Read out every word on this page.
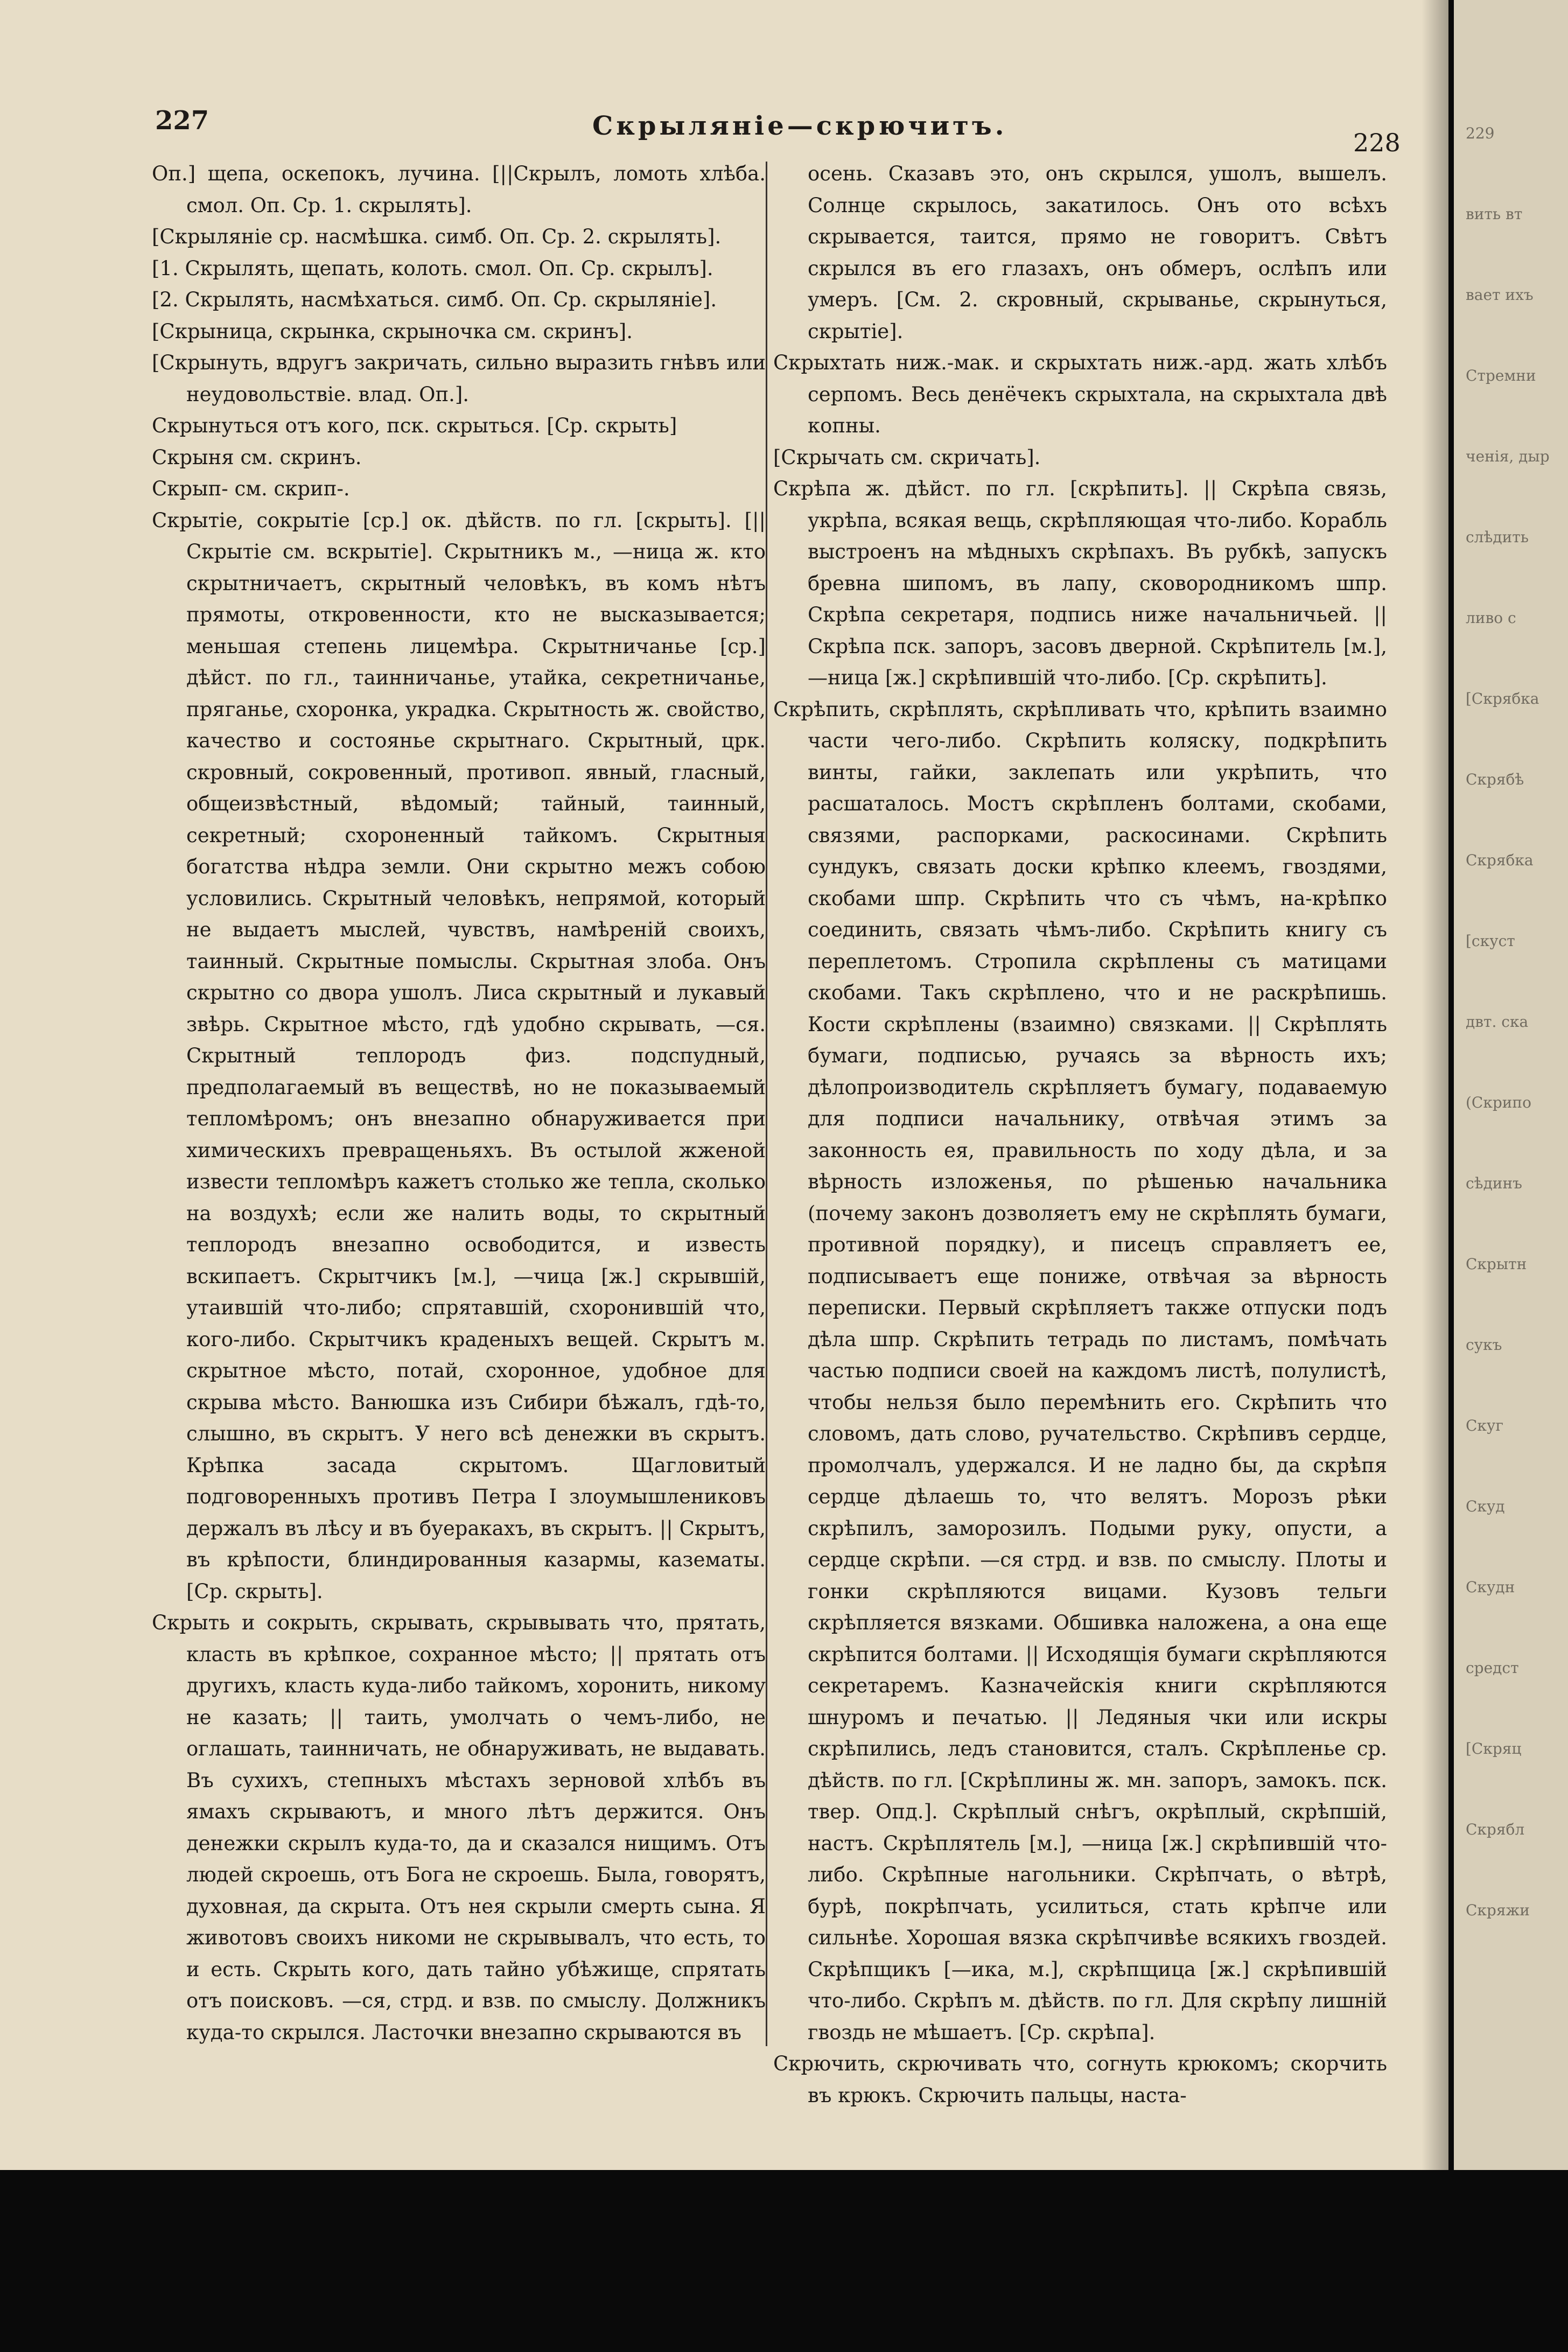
227	Скрыляніе—скрючитъ.
228

Оп.] щепа, оскепокъ, лучина. [||Скрылъ, ломоть хлѣба. смол. Оп. Ср. 1. скрылять].

[Скрыляніе ср. насмѣшка. симб. Оп. Ср. 2. скрылять].

[1. Скрылять, щепать, колоть. смол. Оп. Ср. скрылъ].

[2. Скрылять, насмѣхаться. симб. Оп. Ср. скрыляніе].

[Скрыница, скрынка, скрыночка см. скринъ].

[Скрынуть, вдругъ закричать, сильно выразить гнѣвъ или неудовольствіе. влад. Оп.].

Скрынуться отъ кого, пск. скрыться. [Ср. скрыть]

Скрыня см. скринъ.

Скрып- см. скрип-.

Скрытіе, сокрытіе [ср.] ок. дѣйств. по гл. [скрыть]. [||Скрытіе см. вскрытіе]. Скрытникъ м., —ница ж. кто скрытничаетъ, скрытный человѣкъ, въ комъ нѣтъ прямоты, откровенности, кто не высказывается; меньшая степень лицемѣра. Скрытничанье [ср.] дѣйст. по гл., таинничанье, утайка, секретничанье, пряганье, схоронка, украдка. Скрытность ж. свойство, качество и состоянье скрытнаго. Скрытный, црк. скровный, сокровенный, противоп. явный, гласный, общеизвѣстный, вѣдомый; тайный, таинный, секретный; схороненный тайкомъ. Скрытныя богатства нѣдра земли. Они скрытно межъ собою условились. Скрытный человѣкъ, непрямой, который не выдаетъ мыслей, чувствъ, намѣреній своихъ, таинный. Скрытные помыслы. Скрытная злоба. Онъ скрытно со двора ушолъ. Лиса скрытный и лукавый звѣрь. Скрытное мѣсто, гдѣ удобно скрывать, —ся. Скрытный теплородъ физ. подспудный, предполагаемый въ веществѣ, но не показываемый тепломѣромъ; онъ внезапно обнаруживается при химическихъ превращеньяхъ. Въ остылой жженой извести тепломѣръ кажетъ столько же тепла, сколько на воздухѣ; если же налить воды, то скрытный теплородъ внезапно освободится, и известь вскипаетъ. Скрытчикъ [м.], —чица [ж.] скрывшій, утаившій что-либо; спрятавшій, схоронившій что, кого-либо. Скрытчикъ краденыхъ вещей. Скрытъ м. скрытное мѣсто, потай, схоронное, удобное для скрыва мѣсто. Ванюшка изъ Сибири бѣжалъ, гдѣ-то, слышно, въ скрытъ. У него всѣ денежки въ скрытъ. Крѣпка засада скрытомъ. Щагловитый подговоренныхъ противъ Петра I злоумышлениковъ держалъ въ лѣсу и въ буеракахъ, въ скрытъ. || Скрытъ, въ крѣпости, блиндированныя казармы, казематы. [Ср. скрыть].

Скрыть и сокрыть, скрывать, скрывывать что, прятать, класть въ крѣпкое, сохранное мѣсто; || прятать отъ другихъ, класть куда-либо тайкомъ, хоронить, никому не казать; || таить, умолчать о чемъ-либо, не оглашать, таинничать, не обнаруживать, не выдавать. Въ сухихъ, степныхъ мѣстахъ зерновой хлѣбъ въ ямахъ скрываютъ, и много лѣтъ держится. Онъ денежки скрылъ куда-то, да и сказался нищимъ. Отъ людей скроешь, отъ Бога не скроешь. Была, говорятъ, духовная, да скрыта. Отъ нея скрыли смерть сына. Я животовъ своихъ никоми не скрывывалъ, что есть, то и есть. Скрыть кого, дать тайно убѣжище, спрятать отъ поисковъ. —ся, стрд. и взв. по смыслу. Должникъ куда-то скрылся. Ласточки внезапно скрываются въ

осень. Сказавъ это, онъ скрылся, ушолъ, вышелъ. Солнце скрылось, закатилось. Онъ ото всѣхъ скрывается, таится, прямо не говоритъ. Свѣтъ скрылся въ его глазахъ, онъ обмеръ, ослѣпъ или умеръ. [См. 2. скровный, скрыванье, скрынуться, скрытіе].

Скрыхтать ниж.-мак. и скрыхтать ниж.-ард. жать хлѣбъ серпомъ. Весь денёчекъ скрыхтала, на скрыхтала двѣ копны.

[Скрычать см. скричать].

Скрѣпа ж. дѣйст. по гл. [скрѣпить]. || Скрѣпа связь, укрѣпа, всякая вещь, скрѣпляющая что-либо. Корабль выстроенъ на мѣдныхъ скрѣпахъ. Въ рубкѣ, запускъ бревна шипомъ, въ лапу, сковородникомъ шпр. Скрѣпа секретаря, подпись ниже начальничьей. || Скрѣпа пск. запоръ, засовъ дверной. Скрѣпитель [м.], —ница [ж.] скрѣпившій что-либо. [Ср. скрѣпить].

Скрѣпить, скрѣплять, скрѣпливать что, крѣпить взаимно части чего-либо. Скрѣпить коляску, подкрѣпить винты, гайки, заклепать или укрѣпить, что расшаталось. Мостъ скрѣпленъ болтами, скобами, связями, распорками, раскосинами. Скрѣпить сундукъ, связать доски крѣпко клеемъ, гвоздями, скобами шпр. Скрѣпить что съ чѣмъ, на-крѣпко соединить, связать чѣмъ-либо. Скрѣпить книгу съ переплетомъ. Стропила скрѣплены съ матицами скобами. Такъ скрѣплено, что и не раскрѣпишь. Кости скрѣплены (взаимно) связками. || Скрѣплять бумаги, подписью, ручаясь за вѣрность ихъ; дѣлопроизводитель скрѣпляетъ бумагу, подаваемую для подписи начальнику, отвѣчая этимъ за законность ея, правильность по ходу дѣла, и за вѣрность изложенья, по рѣшенью начальника (почему законъ дозволяетъ ему не скрѣплять бумаги, противной порядку), и писецъ справляетъ ее, подписываетъ еще пониже, отвѣчая за вѣрность переписки. Первый скрѣпляетъ также отпуски подъ дѣла шпр. Скрѣпить тетрадь по листамъ, помѣчать частью подписи своей на каждомъ листѣ, полулистѣ, чтобы нельзя было перемѣнить его. Скрѣпить что словомъ, дать слово, ручательство. Скрѣпивъ сердце, промолчалъ, удержался. И не ладно бы, да скрѣпя сердце дѣлаешь то, что велятъ. Морозъ рѣки скрѣпилъ, заморозилъ. Подыми руку, опусти, а сердце скрѣпи. —ся стрд. и взв. по смыслу. Плоты и гонки скрѣпляются вицами. Кузовъ тельги скрѣпляется вязками. Обшивка наложена, а она еще скрѣпится болтами. || Исходящія бумаги скрѣпляются секретаремъ. Казначейскія книги скрѣпляются шнуромъ и печатью. || Ледяныя чки или искры скрѣпились, ледъ становится, сталъ. Скрѣпленье ср. дѣйств. по гл. [Скрѣплины ж. мн. запоръ, замокъ. пск. твер. Опд.]. Скрѣплый снѣгъ, окрѣплый, скрѣпшій, настъ. Скрѣплятель [м.], —ница [ж.] скрѣпившій что-либо. Скрѣпные нагольники. Скрѣпчать, о вѣтрѣ, бурѣ, покрѣпчать, усилиться, стать крѣпче или сильнѣе. Хорошая вязка скрѣпчивѣе всякихъ гвоздей. Скрѣпщикъ [—ика, м.], скрѣпщица [ж.] скрѣпившій что-либо. Скрѣпъ м. дѣйств. по гл. Для скрѣпу лишній гвоздь не мѣшаетъ. [Ср. скрѣпа].

Скрючить, скрючивать что, согнуть крюкомъ; скорчить въ крюкъ. Скрючить пальцы, наста-

229
вить вт
вает ихъ
Стремни
ченія, дыр
слѣдить
ливо с
[Скрябка
Скрябѣ
Скрябка
[скуст
двт. ска
(Скрипо
сѣдинъ
Скрытн
сукъ
Скуг
Скуд
Скудн
средст
[Скряц
Скрябл
Скряжи
